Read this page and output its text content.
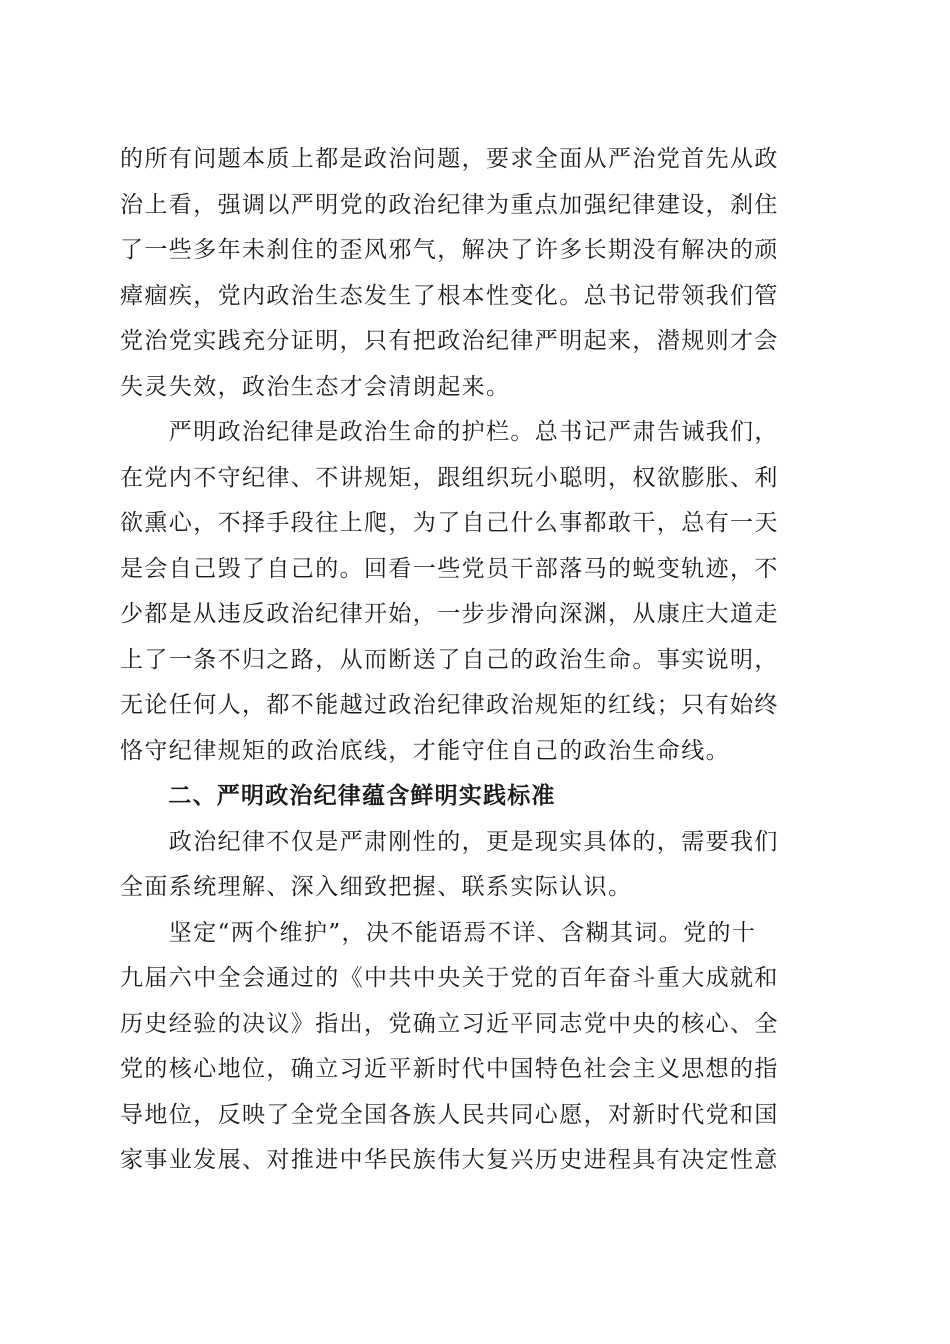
的所有问题本质上都是政治问题，要求全面从严治党首先从政
治上看，强调以严明党的政治纪律为重点加强纪律建设，刹住
了一些多年未刹住的歪风邪气，解决了许多长期没有解决的顽
瘴痼疾，党内政治生态发生了根本性变化。总书记带领我们管
党治党实践充分证明，只有把政治纪律严明起来，潜规则才会
失灵失效，政治生态才会清朗起来。
　　严明政治纪律是政治生命的护栏。总书记严肃告诫我们，
在党内不守纪律、不讲规矩，跟组织玩小聪明，权欲膨胀、利
欲熏心，不择手段往上爬，为了自己什么事都敢干，总有一天
是会自己毁了自己的。回看一些党员干部落马的蜕变轨迹，不
少都是从违反政治纪律开始，一步步滑向深渊，从康庄大道走
上了一条不归之路，从而断送了自己的政治生命。事实说明，
无论任何人，都不能越过政治纪律政治规矩的红线；只有始终
恪守纪律规矩的政治底线，才能守住自己的政治生命线。
　　二、严明政治纪律蕴含鲜明实践标准
　　政治纪律不仅是严肃刚性的，更是现实具体的，需要我们
全面系统理解、深入细致把握、联系实际认识。
　　坚定“两个维护”，决不能语焉不详、含糊其词。党的十
九届六中全会通过的《中共中央关于党的百年奋斗重大成就和
历史经验的决议》指出，党确立习近平同志党中央的核心、全
党的核心地位，确立习近平新时代中国特色社会主义思想的指
导地位，反映了全党全国各族人民共同心愿，对新时代党和国
家事业发展、对推进中华民族伟大复兴历史进程具有决定性意
